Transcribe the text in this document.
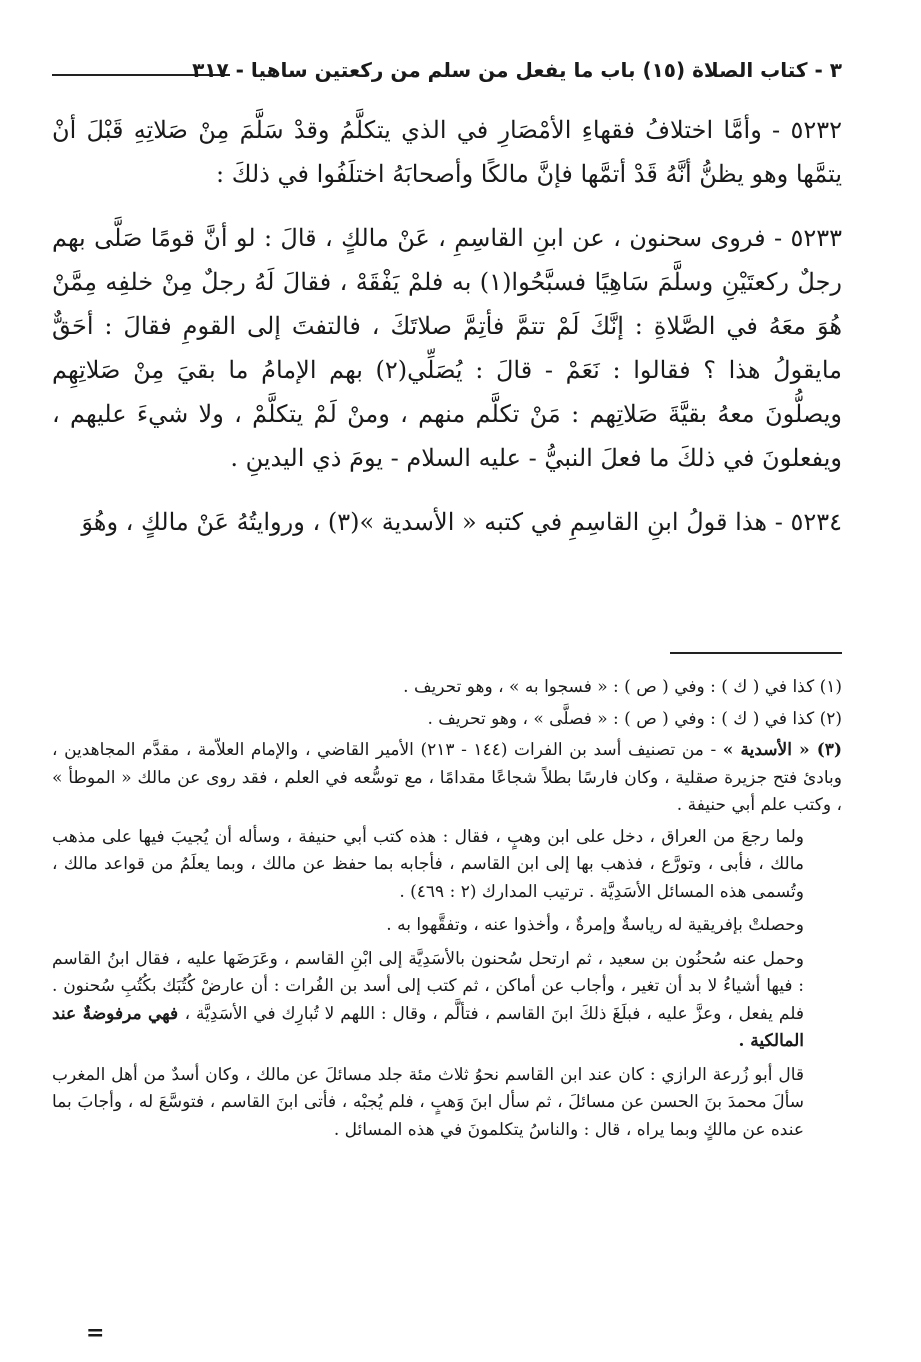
٣ - كتاب الصلاة (١٥) باب ما يفعل من سلم من ركعتين ساهيا - ٣١٧

٥٢٣٢ - وأمَّا اختلافُ فقهاءِ الأمْصَارِ في الذي يتكلَّمُ وقدْ سَلَّمَ مِنْ صَلاتِهِ قَبْلَ أنْ يتمَّها وهو يظنُّ أنَّهُ قَدْ أتمَّها فإنَّ مالكًا وأصحابَهُ اختلَفُوا في ذلكَ :

٥٢٣٣ - فروى سحنون ، عن ابنِ القاسِمِ ، عَنْ مالكٍ ، قالَ : لو أنَّ قومًا صَلَّى بهم رجلٌ ركعتَيْنِ وسلَّمَ سَاهِيًا فسبَّحُوا(١) به فلمْ يَفْقَهْ ، فقالَ لَهُ رجلٌ مِنْ خلفِه مِمَّنْ هُوَ معَهُ في الصَّلاةِ : إنَّكَ لَمْ تتمَّ فأتِمَّ صلاتَكَ ، فالتفتَ إلى القومِ فقالَ : أحَقٌّ مايقولُ هذا ؟ فقالوا : نَعَمْ - قالَ : يُصَلِّي(٢) بهم الإمامُ ما بقيَ مِنْ صَلاتِهِم ويصلُّونَ معهُ بقيَّةَ صَلاتِهم : مَنْ تكلَّم منهم ، ومنْ لَمْ يتكلَّمْ ، ولا شيءَ عليهم ، ويفعلونَ في ذلكَ ما فعلَ النبيُّ - عليه السلام - يومَ ذي اليدينِ .

٥٢٣٤ - هذا قولُ ابنِ القاسِمِ في كتبه « الأسدية »(٣) ، وروايتُهُ عَنْ مالكٍ ، وهُوَ

(١) كذا في ( ك ) : وفي ( ص ) : « فسجوا به » ، وهو تحريف .

(٢) كذا في ( ك ) : وفي ( ص ) : « فصلَّى » ، وهو تحريف .

(٣) « الأسدية » - من تصنيف أسد بن الفرات (١٤٤ - ٢١٣) الأمير القاضي ، والإمام العلاّمة ، مقدَّم المجاهدين ، وبادئ فتح جزيرة صقلية ، وكان فارسًا بطلاً شجاعًا مقدامًا ، مع توسُّعه في العلم ، فقد روى عن مالك « الموطأ » ، وكتب علم أبي حنيفة .

ولما رجعَ من العراق ، دخل على ابن وهبٍ ، فقال : هذه كتب أبي حنيفة ، وسأله أن يُجيبَ فيها على مذهب مالك ، فأبى ، وتورَّع ، فذهب بها إلى ابن القاسم ، فأجابه بما حفظ عن مالك ، وبما يعلَمُ من قواعد مالك ، وتُسمى هذه المسائل الأسَدِيَّة . ترتيب المدارك (٢ : ٤٦٩) .

وحصلتْ بإفريقية له رياسةٌ وإمرةٌ ، وأخذوا عنه ، وتفقَّهوا به .

وحمل عنه سُحنُون بن سعيد ، ثم ارتحل سُحنون بالأسَدِيَّة إلى ابْنِ القاسم ، وعَرَضَها عليه ، فقال ابنُ القاسم : فيها أشياءُ لا بد أن تغير ، وأجاب عن أماكن ، ثم كتب إلى أسد بن الفُرات : أن عارضْ كُتُبَك بكُتُبِ سُحنون . فلم يفعل ، وعزَّ عليه ، فبلَغَ ذلكَ ابنَ القاسم ، فتألَّم ، وقال : اللهم لا تُبارِك في الأسَدِيَّة ، فهي مرفوضةٌ عند المالكية .

قال أبو زُرعة الرازي : كان عند ابن القاسم نحوُ ثلاث مئة جلد مسائلَ عن مالك ، وكان أسدٌ من أهل المغرب سألَ محمدَ بنَ الحسن عن مسائلَ ، ثم سأل ابنَ وَهبٍ ، فلم يُجبْه ، فأتى ابنَ القاسم ، فتوسَّعَ له ، وأجابَ بما عنده عن مالكٍ وبما يراه ، قال : والناسُ يتكلمونَ في هذه المسائل .

=
